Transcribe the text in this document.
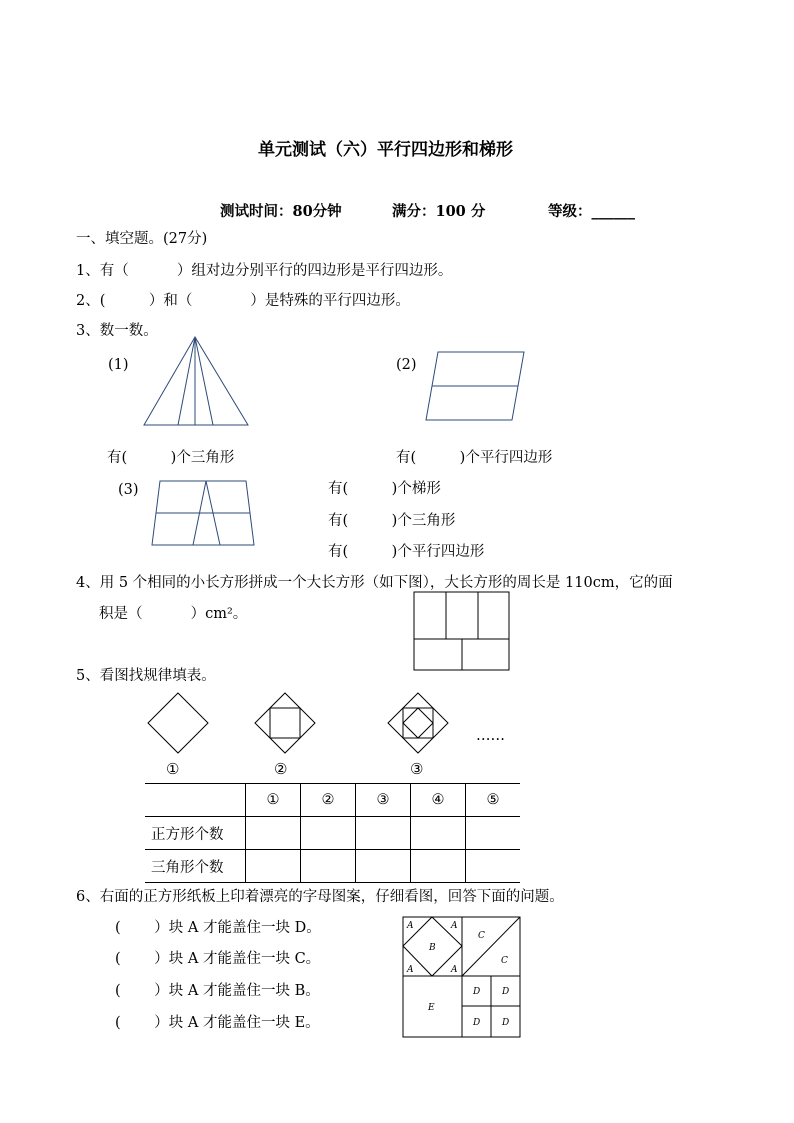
单元测试（六）平行四边形和梯形
测试时间：80分钟	满分：100 分	等级：______
一、填空题。(27分)
1、有（　　　 ）组对边分别平行的四边形是平行四边形。
2、(　　　）和（　　　　）是特殊的平行四边形。
3、数一数。
(1)
有(　　　)个三角形
(2)
有(　　　)个平行四边形
(3)	有(　　　)个梯形
有(　　　)个三角形
有(　　　)个平行四边形
4、用 5 个相同的小长方形拼成一个大长方形（如下图），大长方形的周长是 110cm，它的面
积是（　　　 ）cm²。
5、看图找规律填表。
①	②	③
……
	①	②	③	④	⑤
正方形个数					
三角形个数					
6、右面的正方形纸板上印着漂亮的字母图案，仔细看图，回答下面的问题。
(　　 ）块 A 才能盖住一块 D。
(　　 ）块 A 才能盖住一块 C。
(　　 ）块 A 才能盖住一块 B。
(　　 ）块 A 才能盖住一块 E。
A	A
A	A
B
C
C
E
D D
D D
